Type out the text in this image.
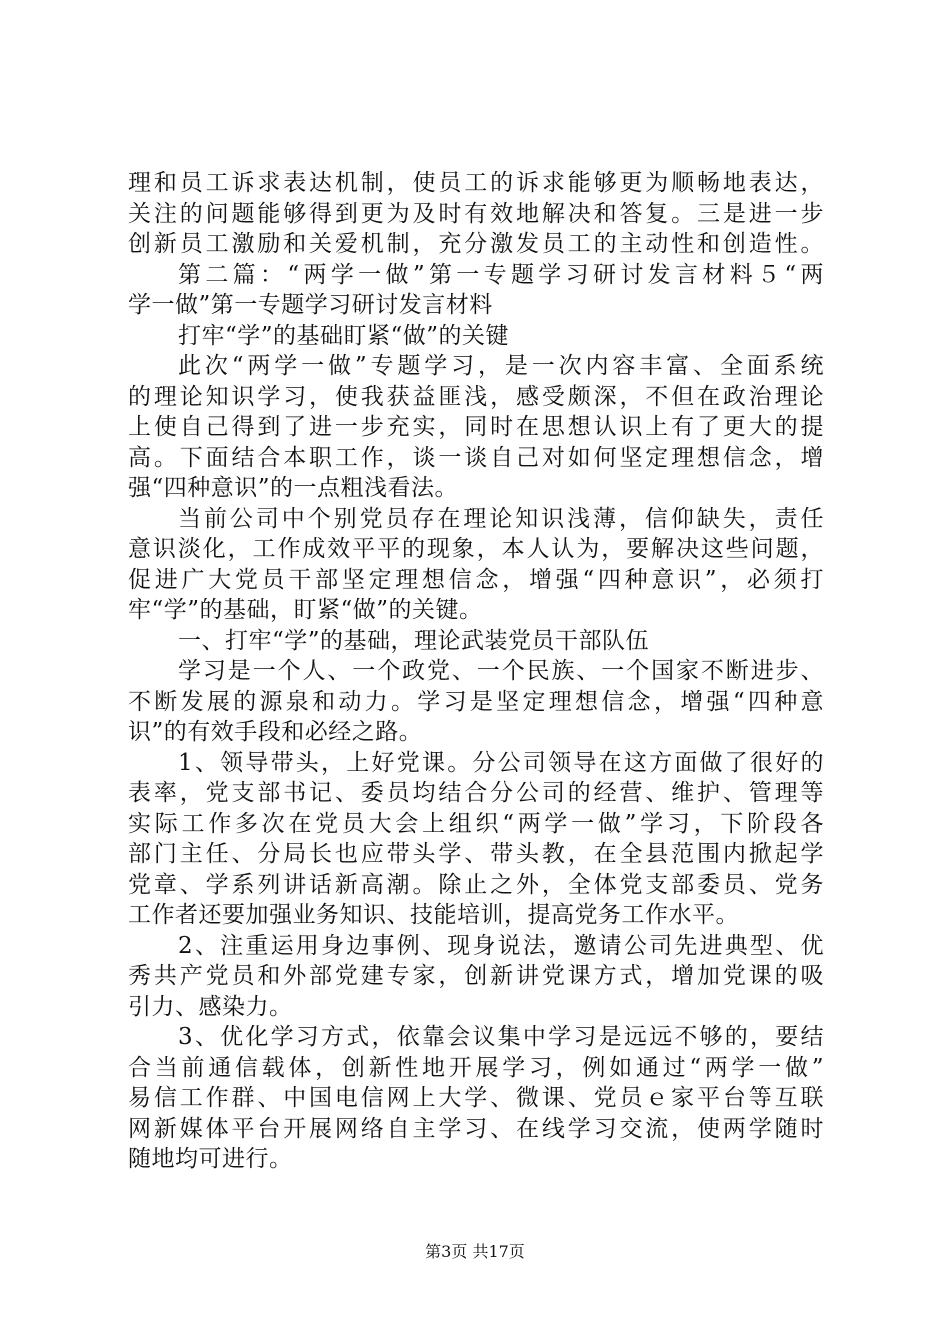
理和员工诉求表达机制，使员工的诉求能够更为顺畅地表达，
关注的问题能够得到更为及时有效地解决和答复。三是进一步
创新员工激励和关爱机制，充分激发员工的主动性和创造性。
第二篇：“两学一做”第一专题学习研讨发言材料５“两
学一做”第一专题学习研讨发言材料
打牢“学”的基础盯紧“做”的关键
此次“两学一做”专题学习，是一次内容丰富、全面系统
的理论知识学习，使我获益匪浅，感受颇深，不但在政治理论
上使自己得到了进一步充实，同时在思想认识上有了更大的提
高。下面结合本职工作，谈一谈自己对如何坚定理想信念，增
强“四种意识”的一点粗浅看法。
当前公司中个别党员存在理论知识浅薄，信仰缺失，责任
意识淡化，工作成效平平的现象，本人认为，要解决这些问题，
促进广大党员干部坚定理想信念，增强“四种意识”，必须打
牢“学”的基础，盯紧“做”的关键。
一、打牢“学”的基础，理论武装党员干部队伍
学习是一个人、一个政党、一个民族、一个国家不断进步、
不断发展的源泉和动力。学习是坚定理想信念，增强“四种意
识”的有效手段和必经之路。
1、领导带头，上好党课。分公司领导在这方面做了很好的
表率，党支部书记、委员均结合分公司的经营、维护、管理等
实际工作多次在党员大会上组织“两学一做”学习，下阶段各
部门主任、分局长也应带头学、带头教，在全县范围内掀起学
党章、学系列讲话新高潮。除止之外，全体党支部委员、党务
工作者还要加强业务知识、技能培训，提高党务工作水平。
2、注重运用身边事例、现身说法，邀请公司先进典型、优
秀共产党员和外部党建专家，创新讲党课方式，增加党课的吸
引力、感染力。
3、优化学习方式，依靠会议集中学习是远远不够的，要结
合当前通信载体，创新性地开展学习，例如通过“两学一做”
易信工作群、中国电信网上大学、微课、党员ｅ家平台等互联
网新媒体平台开展网络自主学习、在线学习交流，使两学随时
随地均可进行。
第3页 共17页
